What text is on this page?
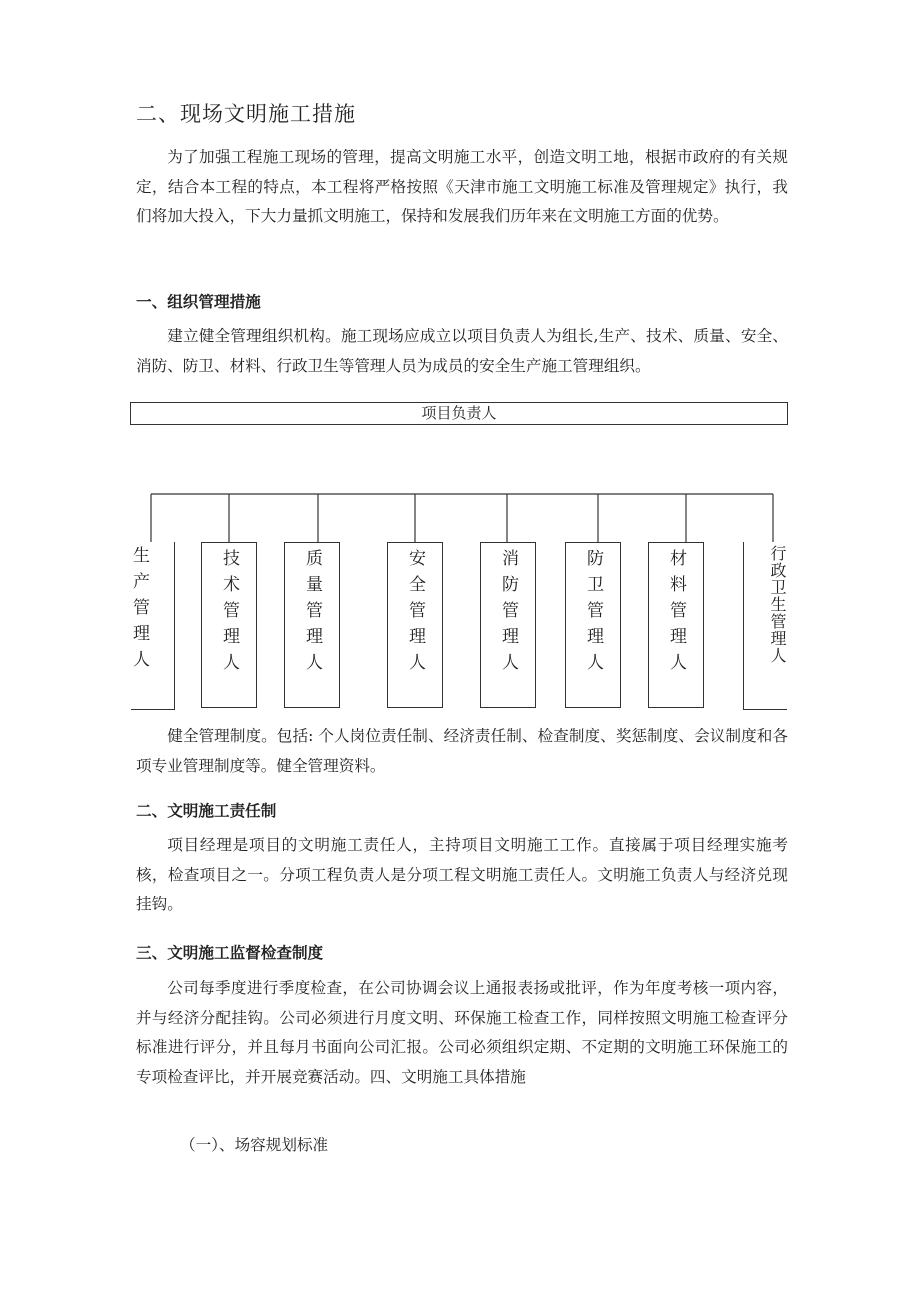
二、现场文明施工措施
为了加强工程施工现场的管理，提高文明施工水平，创造文明工地，根据市政府的有关规定，结合本工程的特点，本工程将严格按照《天津市施工文明施工标准及管理规定》执行，我们将加大投入，下大力量抓文明施工，保持和发展我们历年来在文明施工方面的优势。
一、组织管理措施
建立健全管理组织机构。施工现场应成立以项目负责人为组长,生产、技术、质量、安全、消防、防卫、材料、行政卫生等管理人员为成员的安全生产施工管理组织。
项目负责人
生产管理人	技术管理人	质量管理人	安全管理人	消防管理人	防卫管理人	材料管理人	行政卫生管理人
健全管理制度。包括: 个人岗位责任制、经济责任制、检查制度、奖惩制度、会议制度和各项专业管理制度等。健全管理资料。
二、文明施工责任制
项目经理是项目的文明施工责任人，主持项目文明施工工作。直接属于项目经理实施考核，检查项目之一。分项工程负责人是分项工程文明施工责任人。文明施工负责人与经济兑现挂钩。
三、文明施工监督检查制度
公司每季度进行季度检查，在公司协调会议上通报表扬或批评，作为年度考核一项内容，并与经济分配挂钩。公司必须进行月度文明、环保施工检查工作，同样按照文明施工检查评分标准进行评分，并且每月书面向公司汇报。公司必须组织定期、不定期的文明施工环保施工的专项检查评比，并开展竞赛活动。四、文明施工具体措施
（一）、场容规划标准
